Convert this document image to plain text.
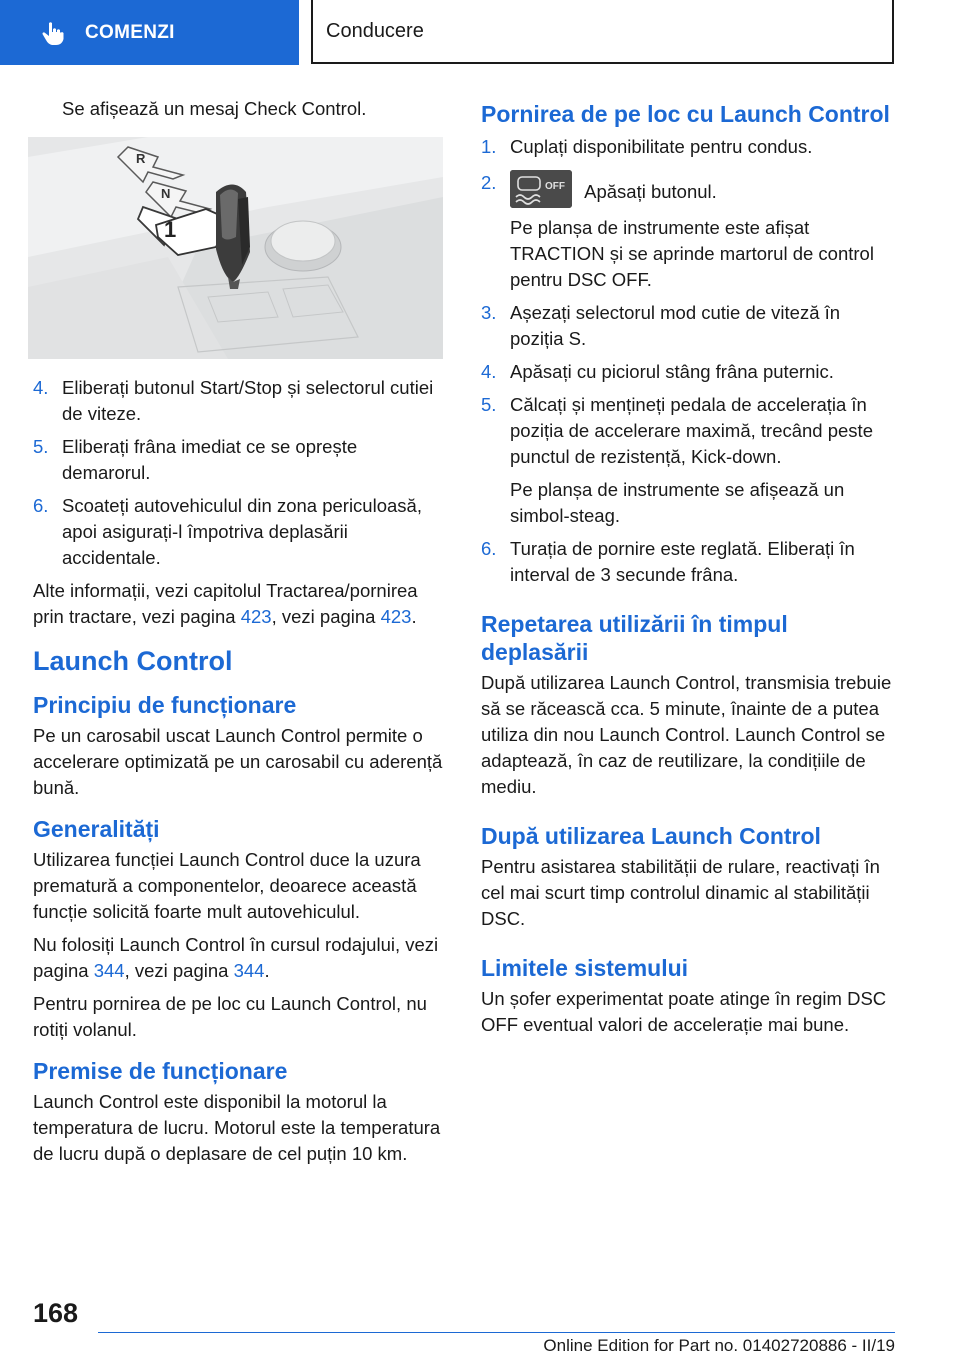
COMENZI	Conducere

Se afișează un mesaj Check Control.

R
N
1
4. Eliberați butonul Start/Stop și selectorul cutiei de viteze.
5. Eliberați frâna imediat ce se oprește demarorul.
6. Scoateți autovehiculul din zona periculoasă, apoi asigurați-l împotriva deplasării accidentale.

Alte informații, vezi capitolul Tractarea/pornirea prin tractare, vezi pagina 423, vezi pagina 423.

Launch Control
Principiu de funcționare

Pe un carosabil uscat Launch Control permite o accelerare optimizată pe un carosabil cu aderență bună.

Generalități

Utilizarea funcției Launch Control duce la uzura prematură a componentelor, deoarece această funcție solicită foarte mult autovehiculul.

Nu folosiți Launch Control în cursul rodajului, vezi pagina 344, vezi pagina 344.

Pentru pornirea de pe loc cu Launch Control, nu rotiți volanul.

Premise de funcționare

Launch Control este disponibil la motorul la temperatura de lucru. Motorul este la temperatura de lucru după o deplasare de cel puțin 10 km.

Pornirea de pe loc cu Launch Control
1. Cuplați disponibilitate pentru condus.
2.	OFF Apăsați butonul.
Pe planșa de instrumente este afișat TRACTION și se aprinde martorul de control pentru DSC OFF.
3. Așezați selectorul mod cutie de viteză în poziția S.
4. Apăsați cu piciorul stâng frâna puternic.
5. Călcați și mențineți pedala de accelerația în poziția de accelerare maximă, trecând peste punctul de rezistență, Kick-down.
Pe planșa de instrumente se afișează un simbol-steag.
6. Turația de pornire este reglată. Eliberați în interval de 3 secunde frâna.
Repetarea utilizării în timpul deplasării

După utilizarea Launch Control, transmisia trebuie să se răcească cca. 5 minute, înainte de a putea utiliza din nou Launch Control. Launch Control se adaptează, în caz de reutilizare, la condițiile de mediu.

După utilizarea Launch Control

Pentru asistarea stabilității de rulare, reactivați în cel mai scurt timp controlul dinamic al stabilității DSC.

Limitele sistemului

Un șofer experimentat poate atinge în regim DSC OFF eventual valori de accelerație mai bune.

168
Online Edition for Part no. 01402720886 - II/19
